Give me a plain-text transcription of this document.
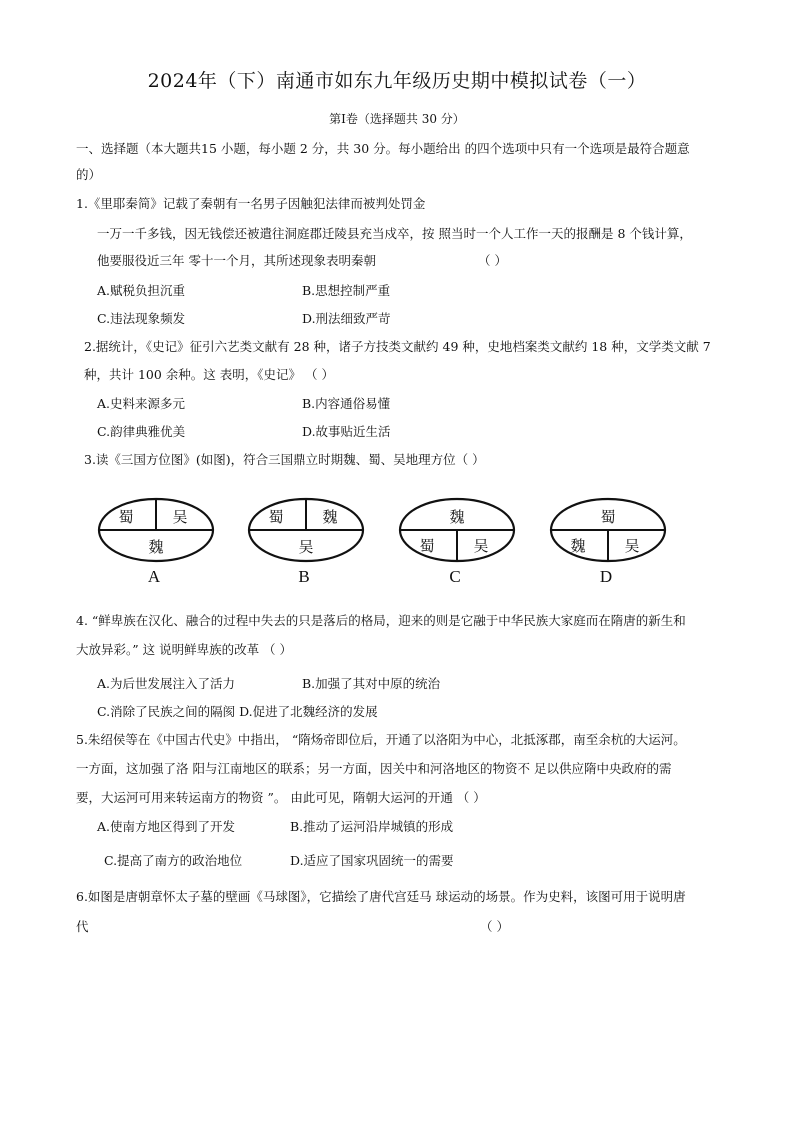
2024年（下）南通市如东九年级历史期中模拟试卷（一）
第Ⅰ卷（选择题共 30 分）
一、选择题（本大题共15 小题，每小题 2 分，共 30 分。每小题给出 的四个选项中只有一个选项是最符合题意
的）
1.《里耶秦简》记载了秦朝有一名男子因触犯法律而被判处罚金
一万一千多钱，因无钱偿还被遣往洞庭郡迁陵县充当戍卒，按 照当时一个人工作一天的报酬是 8 个钱计算，
他要服役近三年 零十一个月，其所述现象表明秦朝	（ ）
A.赋税负担沉重	B.思想控制严重
C.违法现象频发	D.刑法细致严苛
2.据统计，《史记》征引六艺类文献有 28 种，诸子方技类文献约 49 种，史地档案类文献约 18 种，文学类文献 7
种，共计 100 余种。这 表明，《史记》 （ ）
A.史料来源多元	B.内容通俗易懂
C.韵律典雅优美	D.故事贴近生活
3.读《三国方位图》(如图)，符合三国鼎立时期魏、蜀、吴地理方位（ ）
蜀	吴
魏
A
蜀	魏
吴
B
魏
蜀	吴
C
蜀
魏	吴
D
4. “鲜卑族在汉化、融合的过程中失去的只是落后的格局，迎来的则是它融于中华民族大家庭而在隋唐的新生和
大放异彩。” 这 说明鲜卑族的改革 （ ）
A.为后世发展注入了活力	B.加强了其对中原的统治
C.消除了民族之间的隔阂 D.促进了北魏经济的发展
5.朱绍侯等在《中国古代史》中指出， “隋炀帝即位后，开通了以洛阳为中心，北抵涿郡，南至余杭的大运河。
一方面，这加强了洛 阳与江南地区的联系；另一方面，因关中和河洛地区的物资不 足以供应隋中央政府的需
要，大运河可用来转运南方的物资 ”。 由此可见，隋朝大运河的开通 （ ）
A.使南方地区得到了开发	B.推动了运河沿岸城镇的形成
C.提高了南方的政治地位	D.适应了国家巩固统一的需要
6.如图是唐朝章怀太子墓的壁画《马球图》，它描绘了唐代宫廷马 球运动的场景。作为史料，该图可用于说明唐
代	（ ）
